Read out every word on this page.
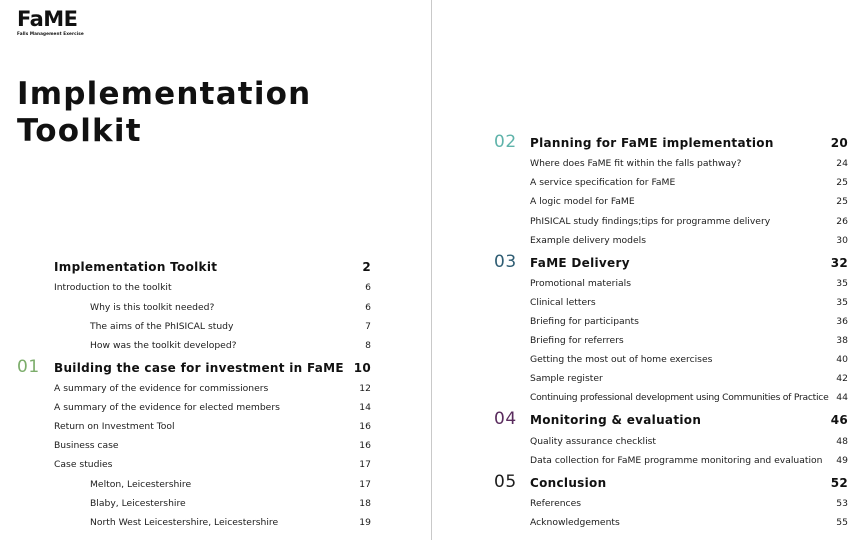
FaME
Falls Management Exercise
Implementation
Toolkit
Implementation Toolkit	2
Introduction to the toolkit	6
Why is this toolkit needed?	6
The aims of the PhISICAL study	7
How was the toolkit developed?	8
01 Building the case for investment in FaME 10
A summary of the evidence for commissioners	12
A summary of the evidence for elected members	14
Return on Investment Tool	16
Business case	16
Case studies	17
Melton, Leicestershire	17
Blaby, Leicestershire	18
North West Leicestershire, Leicestershire	19
02 Planning for FaME implementation	20
Where does FaME fit within the falls pathway?	24
A service specification for FaME	25
A logic model for FaME	25
PhISICAL study findings;tips for programme delivery	26
Example delivery models	30
03 FaME Delivery	32
Promotional materials	35
Clinical letters	35
Briefing for participants	36
Briefing for referrers	38
Getting the most out of home exercises	40
Sample register	42
Continuing professional development using Communities of Practice 44
04 Monitoring & evaluation	46
Quality assurance checklist	48
Data collection for FaME programme monitoring and evaluation 49
05 Conclusion	52
References	53
Acknowledgements	55
